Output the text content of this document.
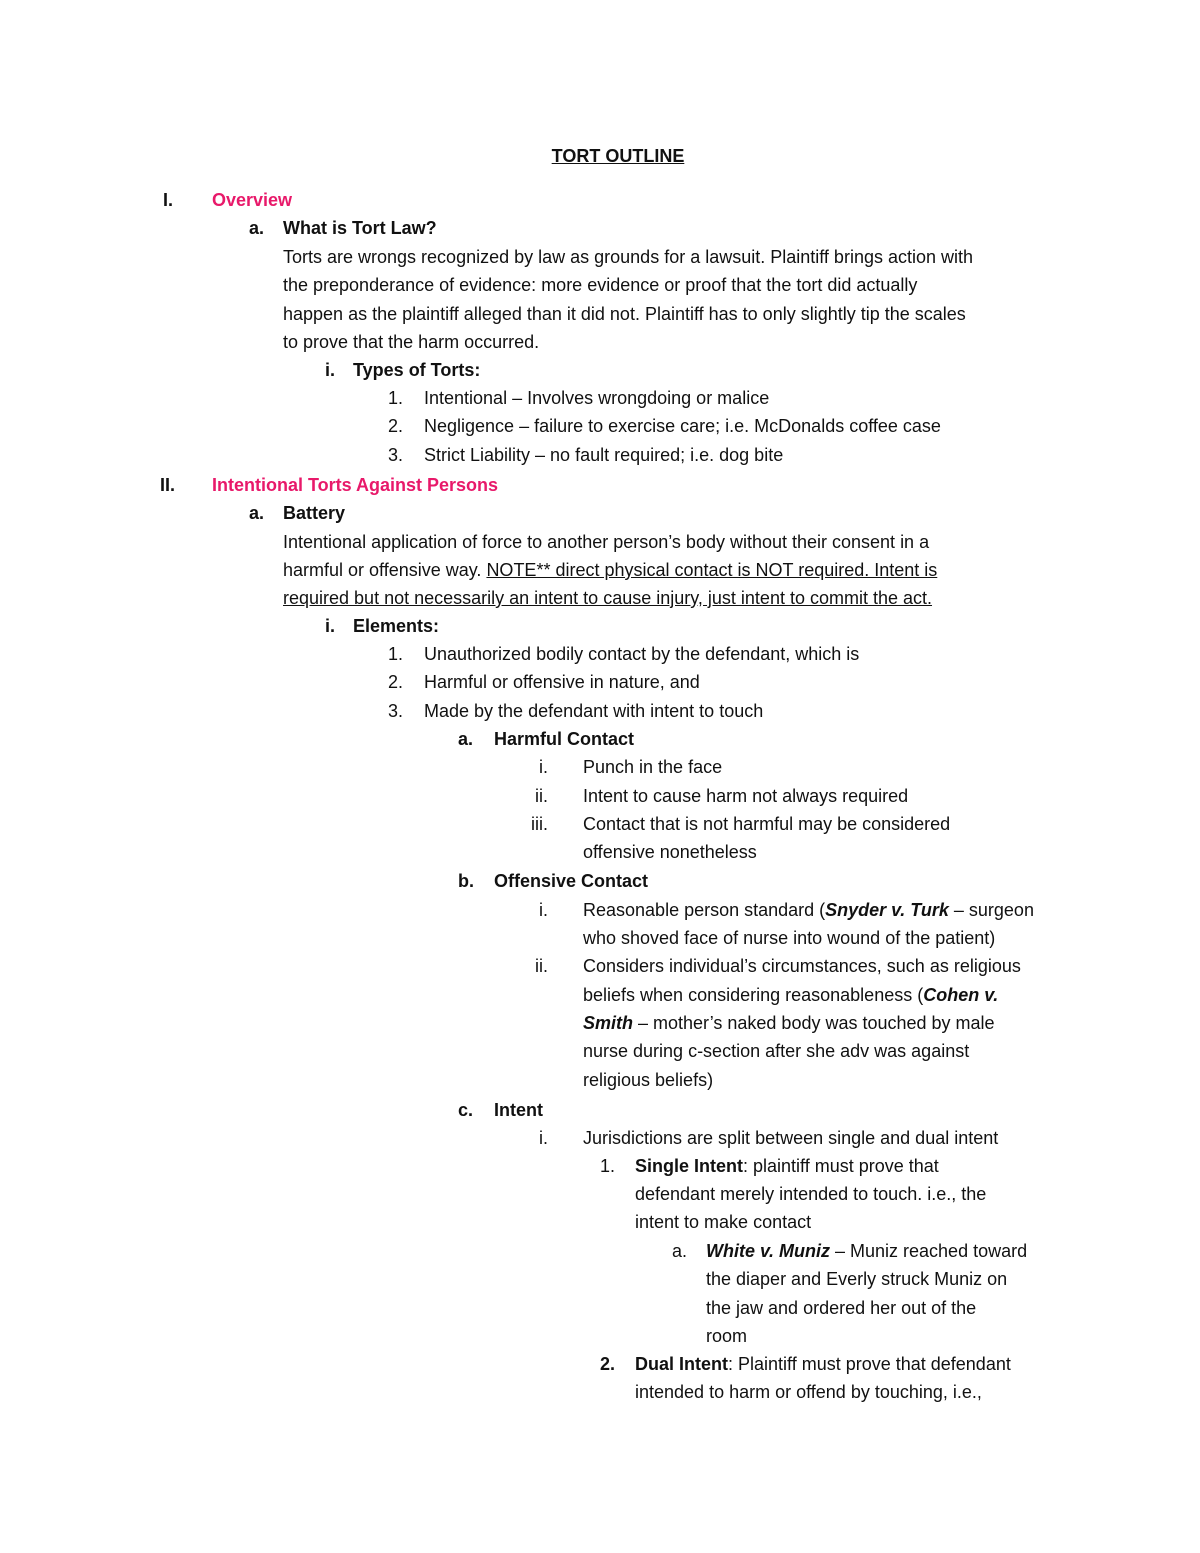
TORT OUTLINE
I. Overview
a. What is Tort Law?
Torts are wrongs recognized by law as grounds for a lawsuit. Plaintiff brings action with
the preponderance of evidence: more evidence or proof that the tort did actually
happen as the plaintiff alleged than it did not. Plaintiff has to only slightly tip the scales
to prove that the harm occurred.
i. Types of Torts:
1. Intentional – Involves wrongdoing or malice
2. Negligence – failure to exercise care; i.e. McDonalds coffee case
3. Strict Liability – no fault required; i.e. dog bite
II. Intentional Torts Against Persons
a. Battery
Intentional application of force to another person’s body without their consent in a
harmful or offensive way. NOTE** direct physical contact is NOT required. Intent is
required but not necessarily an intent to cause injury, just intent to commit the act.
i. Elements:
1. Unauthorized bodily contact by the defendant, which is
2. Harmful or offensive in nature, and
3. Made by the defendant with intent to touch
a. Harmful Contact
i. Punch in the face
ii. Intent to cause harm not always required
iii. Contact that is not harmful may be considered
offensive nonetheless
b. Offensive Contact
i. Reasonable person standard (Snyder v. Turk – surgeon
who shoved face of nurse into wound of the patient)
ii. Considers individual’s circumstances, such as religious
beliefs when considering reasonableness (Cohen v.
Smith – mother’s naked body was touched by male
nurse during c-section after she adv was against
religious beliefs)
c. Intent
i. Jurisdictions are split between single and dual intent
1. Single Intent: plaintiff must prove that
defendant merely intended to touch. i.e., the
intent to make contact
a. White v. Muniz – Muniz reached toward
the diaper and Everly struck Muniz on
the jaw and ordered her out of the
room
2. Dual Intent: Plaintiff must prove that defendant
intended to harm or offend by touching, i.e.,
